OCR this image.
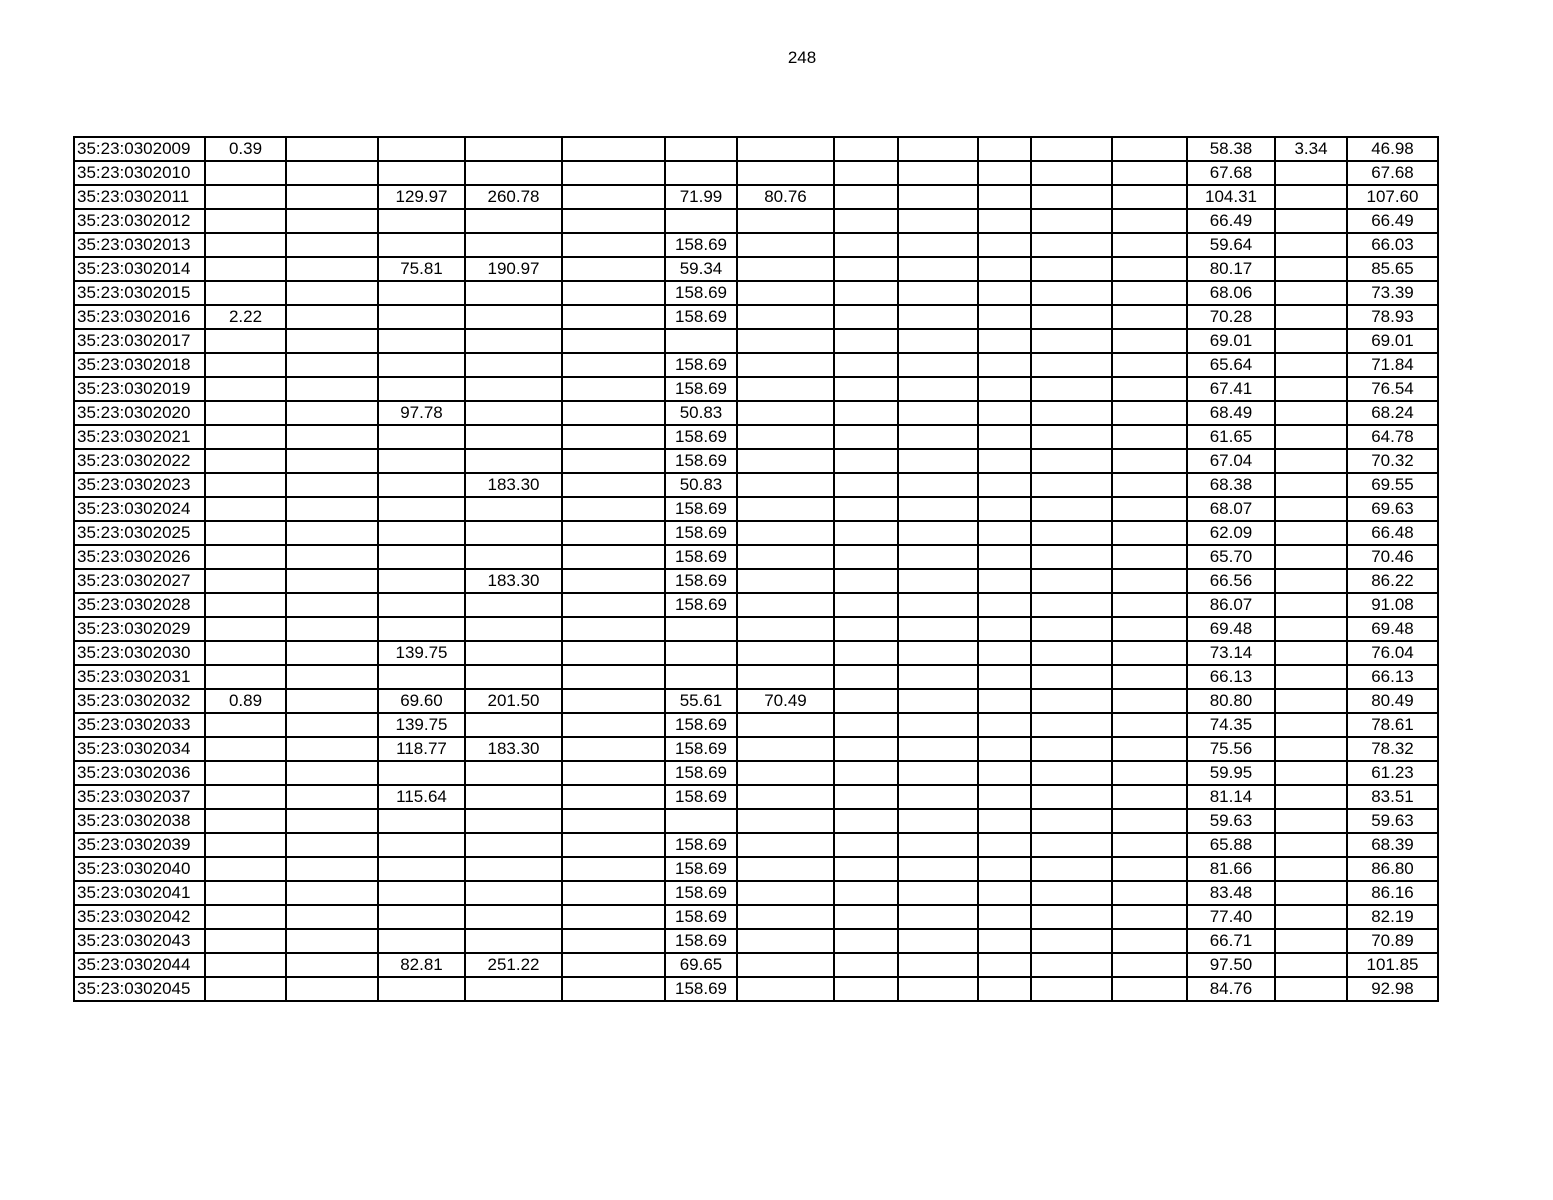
248
35:23:0302009	0.39												58.38	3.34	46.98
35:23:0302010													67.68		67.68
35:23:0302011			129.97	260.78		71.99	80.76						104.31		107.60
35:23:0302012													66.49		66.49
35:23:0302013						158.69							59.64		66.03
35:23:0302014			75.81	190.97		59.34							80.17		85.65
35:23:0302015						158.69							68.06		73.39
35:23:0302016	2.22					158.69							70.28		78.93
35:23:0302017													69.01		69.01
35:23:0302018						158.69							65.64		71.84
35:23:0302019						158.69							67.41		76.54
35:23:0302020			97.78			50.83							68.49		68.24
35:23:0302021						158.69							61.65		64.78
35:23:0302022						158.69							67.04		70.32
35:23:0302023				183.30		50.83							68.38		69.55
35:23:0302024						158.69							68.07		69.63
35:23:0302025						158.69							62.09		66.48
35:23:0302026						158.69							65.70		70.46
35:23:0302027				183.30		158.69							66.56		86.22
35:23:0302028						158.69							86.07		91.08
35:23:0302029													69.48		69.48
35:23:0302030			139.75										73.14		76.04
35:23:0302031													66.13		66.13
35:23:0302032	0.89		69.60	201.50		55.61	70.49						80.80		80.49
35:23:0302033			139.75			158.69							74.35		78.61
35:23:0302034			118.77	183.30		158.69							75.56		78.32
35:23:0302036						158.69							59.95		61.23
35:23:0302037			115.64			158.69							81.14		83.51
35:23:0302038													59.63		59.63
35:23:0302039						158.69							65.88		68.39
35:23:0302040						158.69							81.66		86.80
35:23:0302041						158.69							83.48		86.16
35:23:0302042						158.69							77.40		82.19
35:23:0302043						158.69							66.71		70.89
35:23:0302044			82.81	251.22		69.65							97.50		101.85
35:23:0302045						158.69							84.76		92.98
